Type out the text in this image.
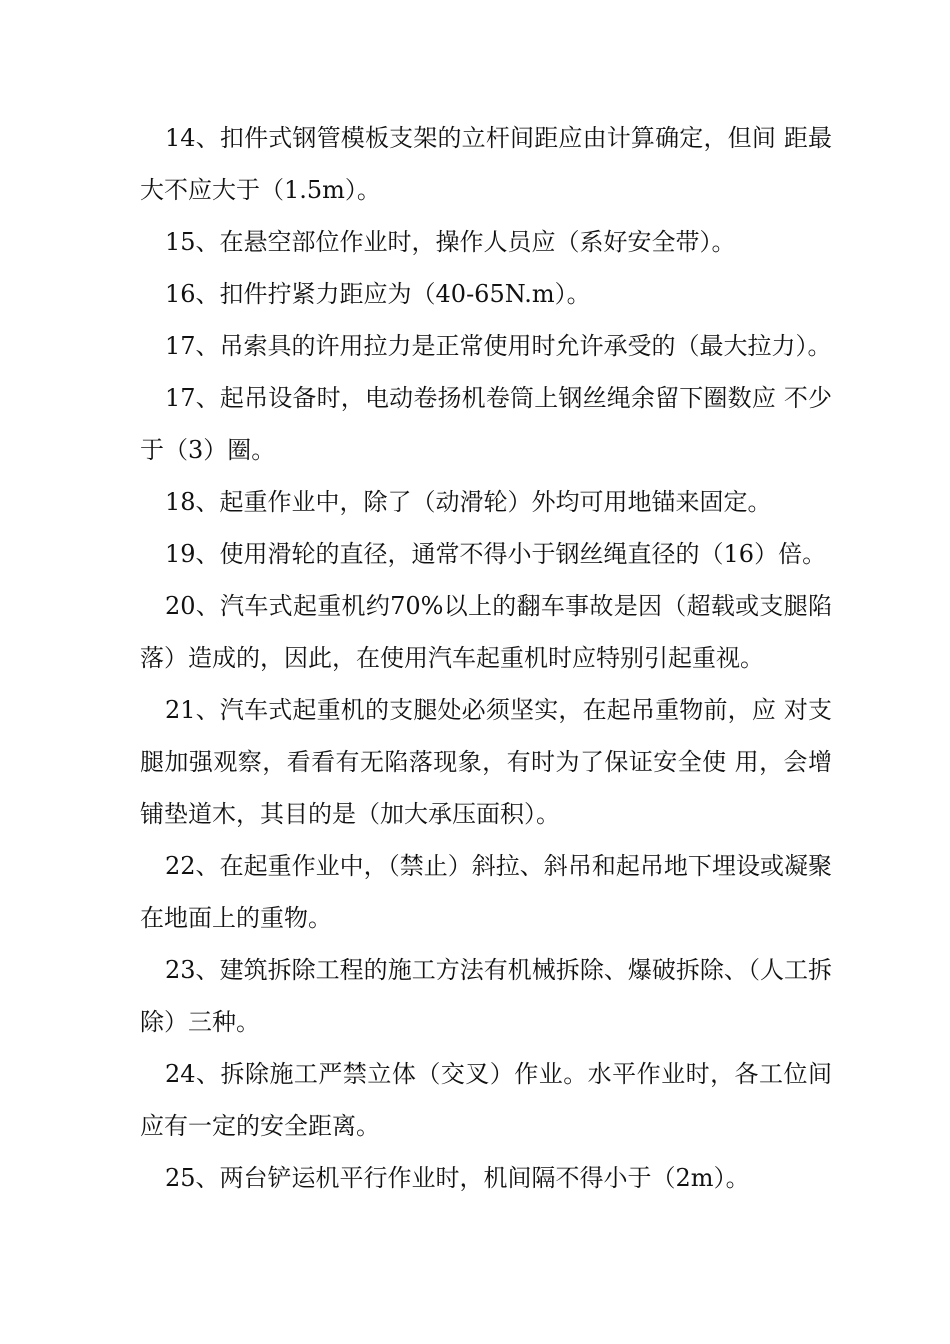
14、扣件式钢管模板支架的立杆间距应由计算确定，但间 距最大不应大于（1.5m）。

15、在悬空部位作业时，操作人员应（系好安全带）。

16、扣件拧紧力距应为（40-65N.m）。

17、吊索具的许用拉力是正常使用时允许承受的（最大拉力）。

17、起吊设备时，电动卷扬机卷筒上钢丝绳余留下圈数应 不少于（3）圈。

18、起重作业中，除了（动滑轮）外均可用地锚来固定。

19、使用滑轮的直径，通常不得小于钢丝绳直径的（16）倍。

20、汽车式起重机约70%以上的翻车事故是因（超载或支腿陷落）造成的，因此，在使用汽车起重机时应特别引起重视。

21、汽车式起重机的支腿处必须坚实，在起吊重物前，应 对支腿加强观察，看看有无陷落现象，有时为了保证安全使 用，会增铺垫道木，其目的是（加大承压面积）。

22、在起重作业中，（禁止）斜拉、斜吊和起吊地下埋设或凝聚在地面上的重物。

23、建筑拆除工程的施工方法有机械拆除、爆破拆除、（人工拆除）三种。

24、拆除施工严禁立体（交叉）作业。水平作业时，各工位间应有一定的安全距离。

25、两台铲运机平行作业时，机间隔不得小于（2m）。
